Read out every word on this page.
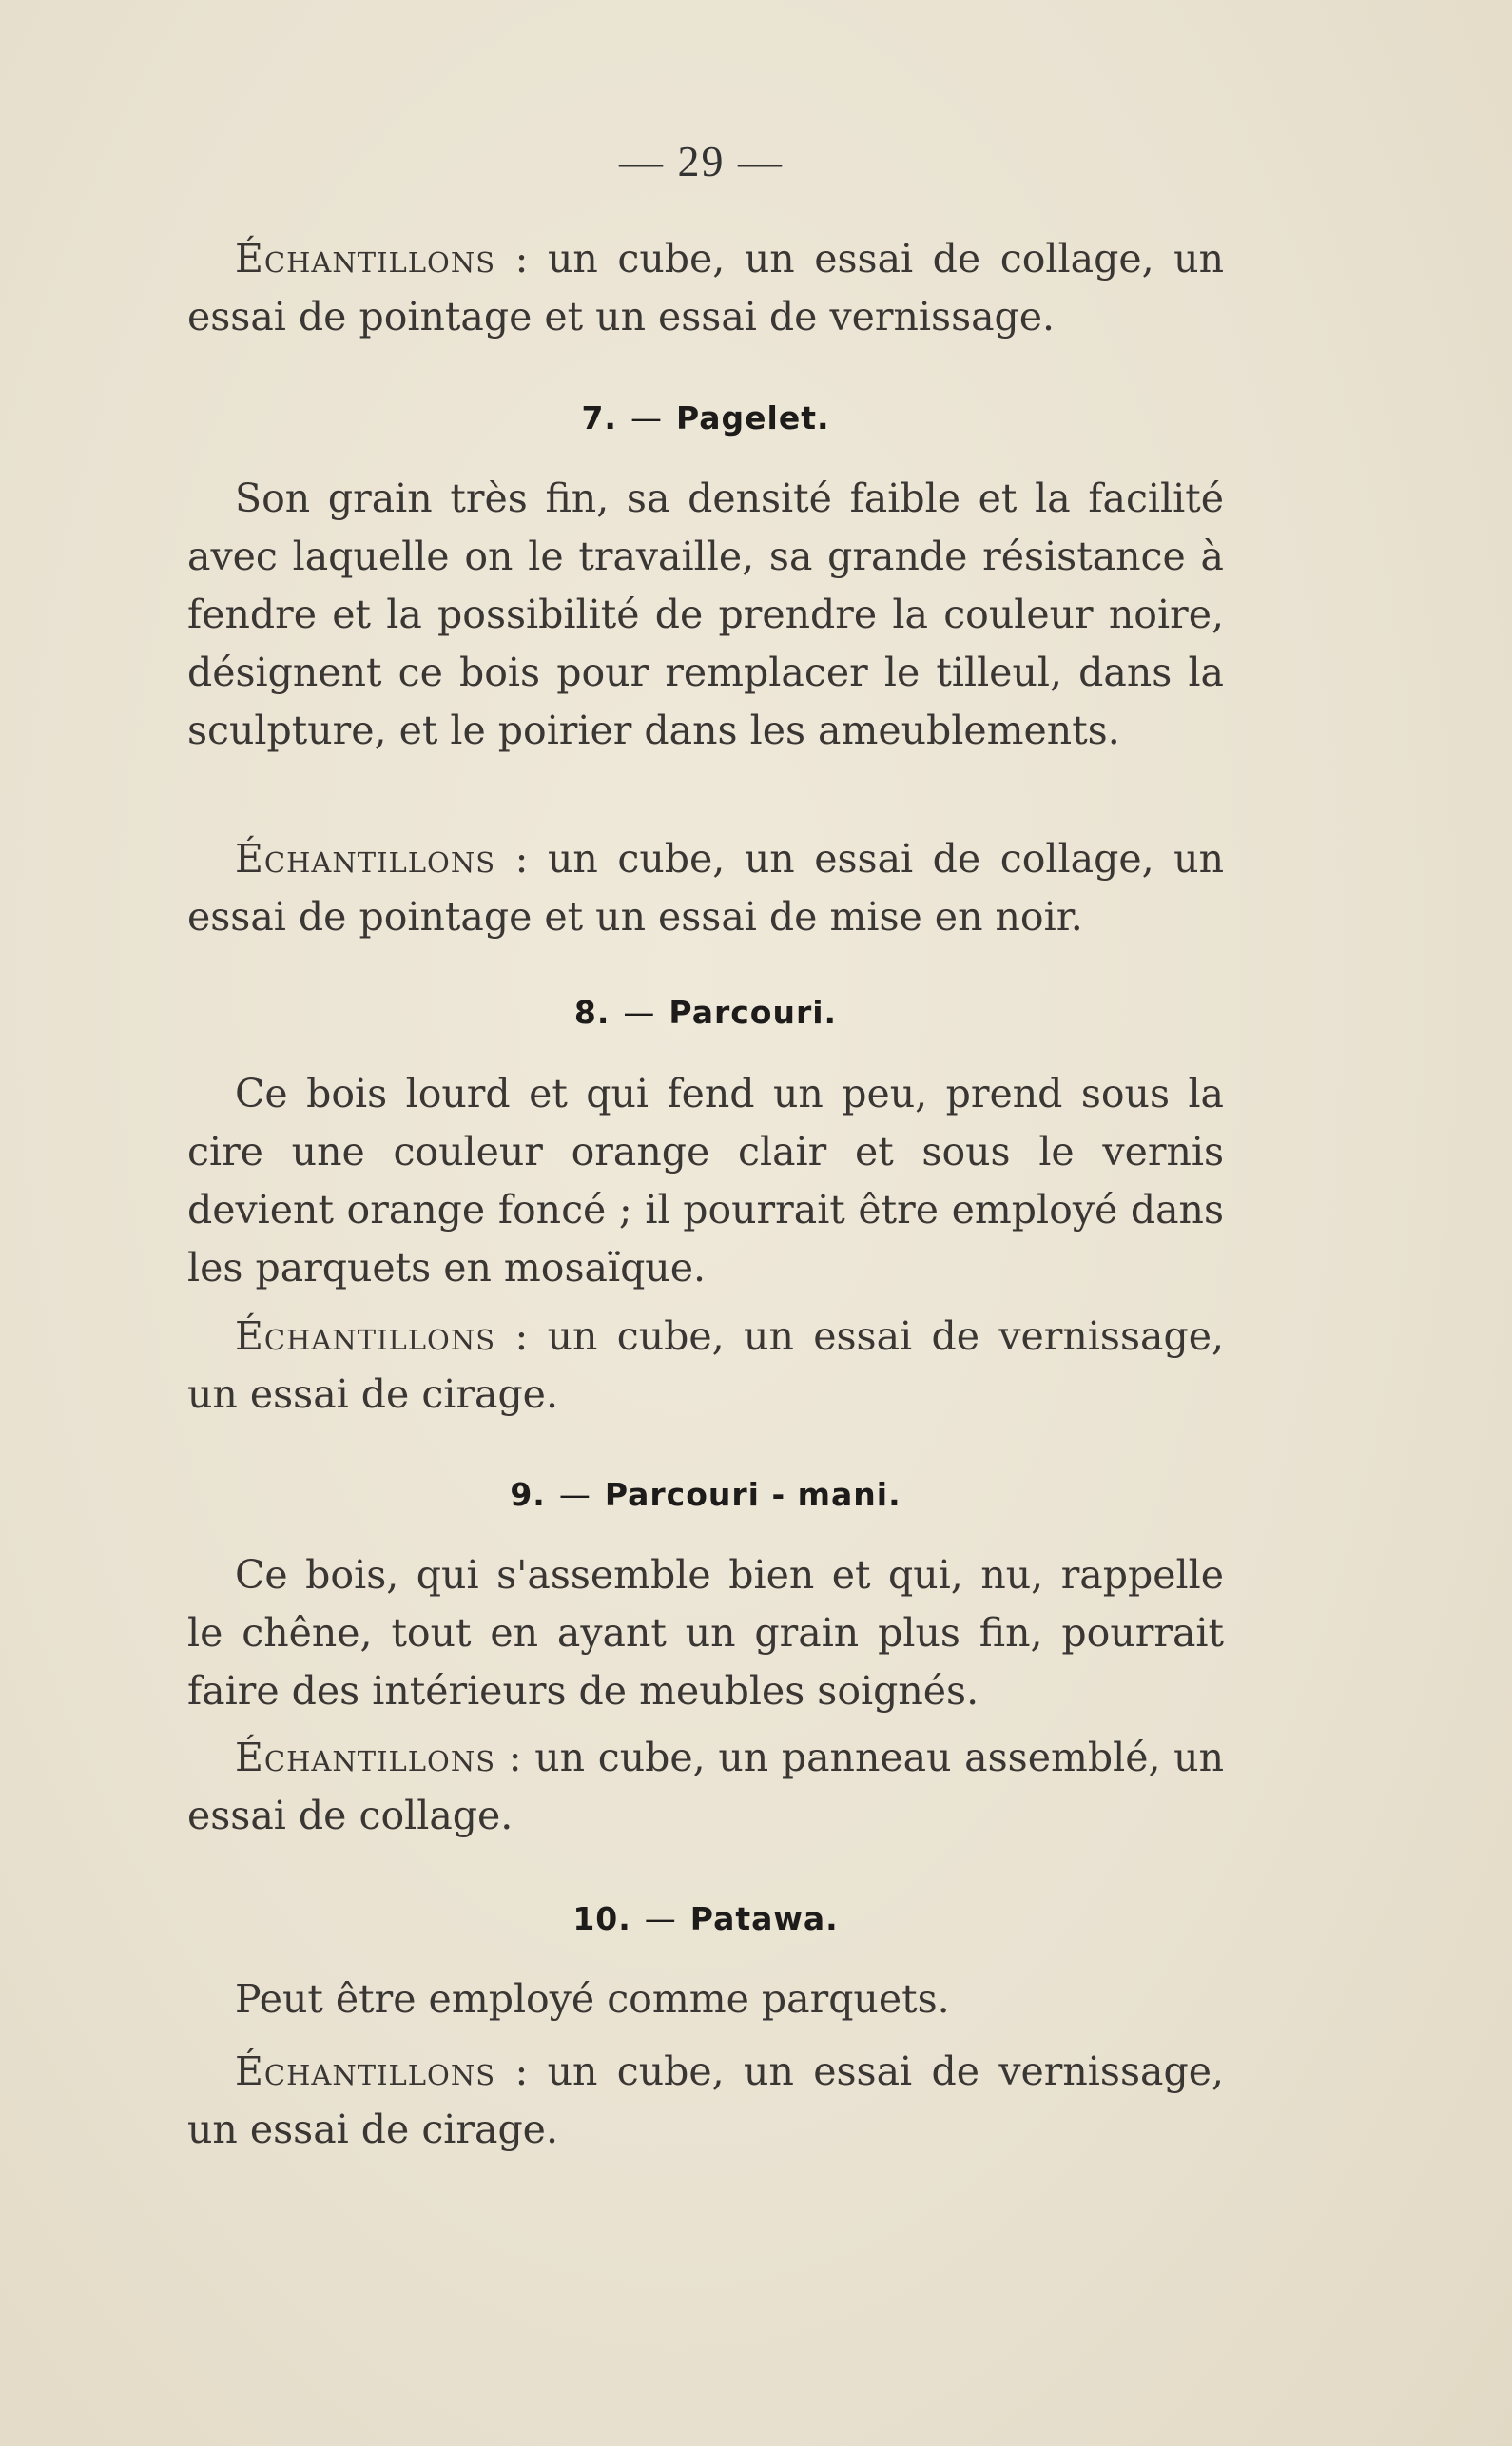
— 29 —

Échantillons : un cube, un essai de collage, un essai de pointage et un essai de vernissage.

7. — Pagelet.

Son grain très fin, sa densité faible et la facilité avec laquelle on le travaille, sa grande résistance à fendre et la possibilité de prendre la couleur noire, désignent ce bois pour remplacer le tilleul, dans la sculpture, et le poirier dans les ameublements.

Échantillons : un cube, un essai de collage, un essai de pointage et un essai de mise en noir.

8. — Parcouri.

Ce bois lourd et qui fend un peu, prend sous la cire une couleur orange clair et sous le vernis devient orange foncé ; il pourrait être employé dans les parquets en mosaïque.

Échantillons : un cube, un essai de vernissage, un essai de cirage.

9. — Parcouri - mani.

Ce bois, qui s'assemble bien et qui, nu, rappelle le chêne, tout en ayant un grain plus fin, pourrait faire des intérieurs de meubles soignés.

Échantillons : un cube, un panneau assemblé, un essai de collage.

10. — Patawa.

Peut être employé comme parquets.

Échantillons : un cube, un essai de vernissage, un essai de cirage.
